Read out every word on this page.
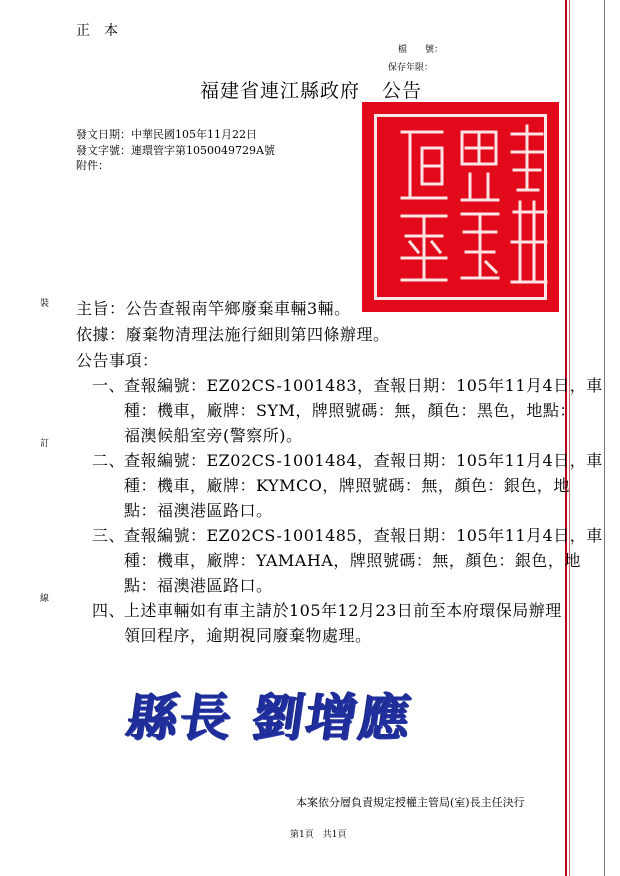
正　本
檔　　號：
保存年限：
福建省連江縣政府 公告
發文日期：中華民國105年11月22日
發文字號：連環管字第1050049729A號
附件：
裝
訂
線
主旨：公告查報南竿鄉廢棄車輛3輛。
依據：廢棄物清理法施行細則第四條辦理。
公告事項：
一、
查報編號：EZ02CS-1001483，查報日期：105年11月4日，車
種：機車，廠牌：SYM，牌照號碼：無，顏色：黑色，地點：
福澳候船室旁(警察所)。
二、
查報編號：EZ02CS-1001484，查報日期：105年11月4日，車
種：機車，廠牌：KYMCO，牌照號碼：無，顏色：銀色，地
點：福澳港區路口。
三、
查報編號：EZ02CS-1001485，查報日期：105年11月4日，車
種：機車，廠牌：YAMAHA，牌照號碼：無，顏色：銀色，地
點：福澳港區路口。
四、
上述車輛如有車主請於105年12月23日前至本府環保局辦理
領回程序，逾期視同廢棄物處理。
縣長 劉增應
本案依分層負責規定授權主管局(室)長主任決行
第1頁　共1頁
